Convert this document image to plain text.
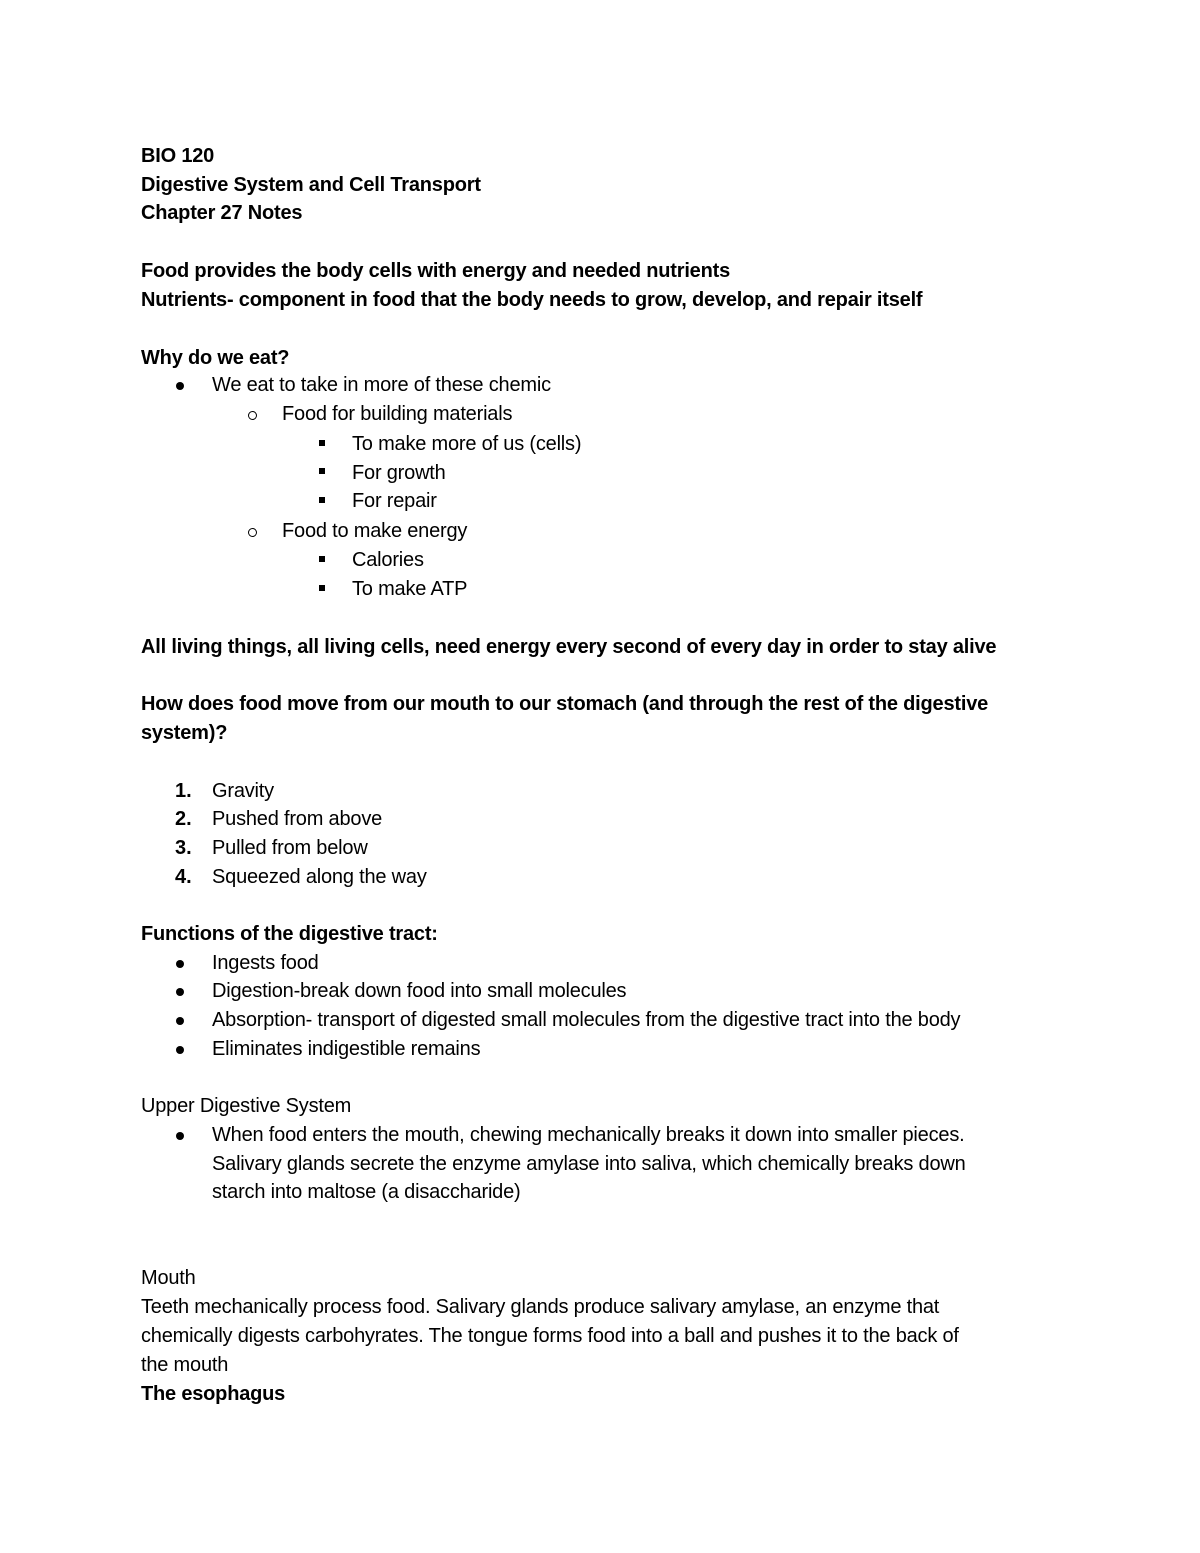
BIO 120
Digestive System and Cell Transport
Chapter 27 Notes
Food provides the body cells with energy and needed nutrients
Nutrients- component in food that the body needs to grow, develop, and repair itself
Why do we eat?
We eat to take in more of these chemic
Food for building materials
To make more of us (cells)
For growth
For repair
Food to make energy
Calories
To make ATP
All living things, all living cells, need energy every second of every day in order to stay alive
How does food move from our mouth to our stomach (and through the rest of the digestive
system)?
1. Gravity
2. Pushed from above
3. Pulled from below
4. Squeezed along the way
Functions of the digestive tract:
Ingests food
Digestion-break down food into small molecules
Absorption- transport of digested small molecules from the digestive tract into the body
Eliminates indigestible remains
Upper Digestive System
When food enters the mouth, chewing mechanically breaks it down into smaller pieces.
Salivary glands secrete the enzyme amylase into saliva, which chemically breaks down
starch into maltose (a disaccharide)
Mouth
Teeth mechanically process food. Salivary glands produce salivary amylase, an enzyme that
chemically digests carbohyrates. The tongue forms food into a ball and pushes it to the back of
the mouth
The esophagus
